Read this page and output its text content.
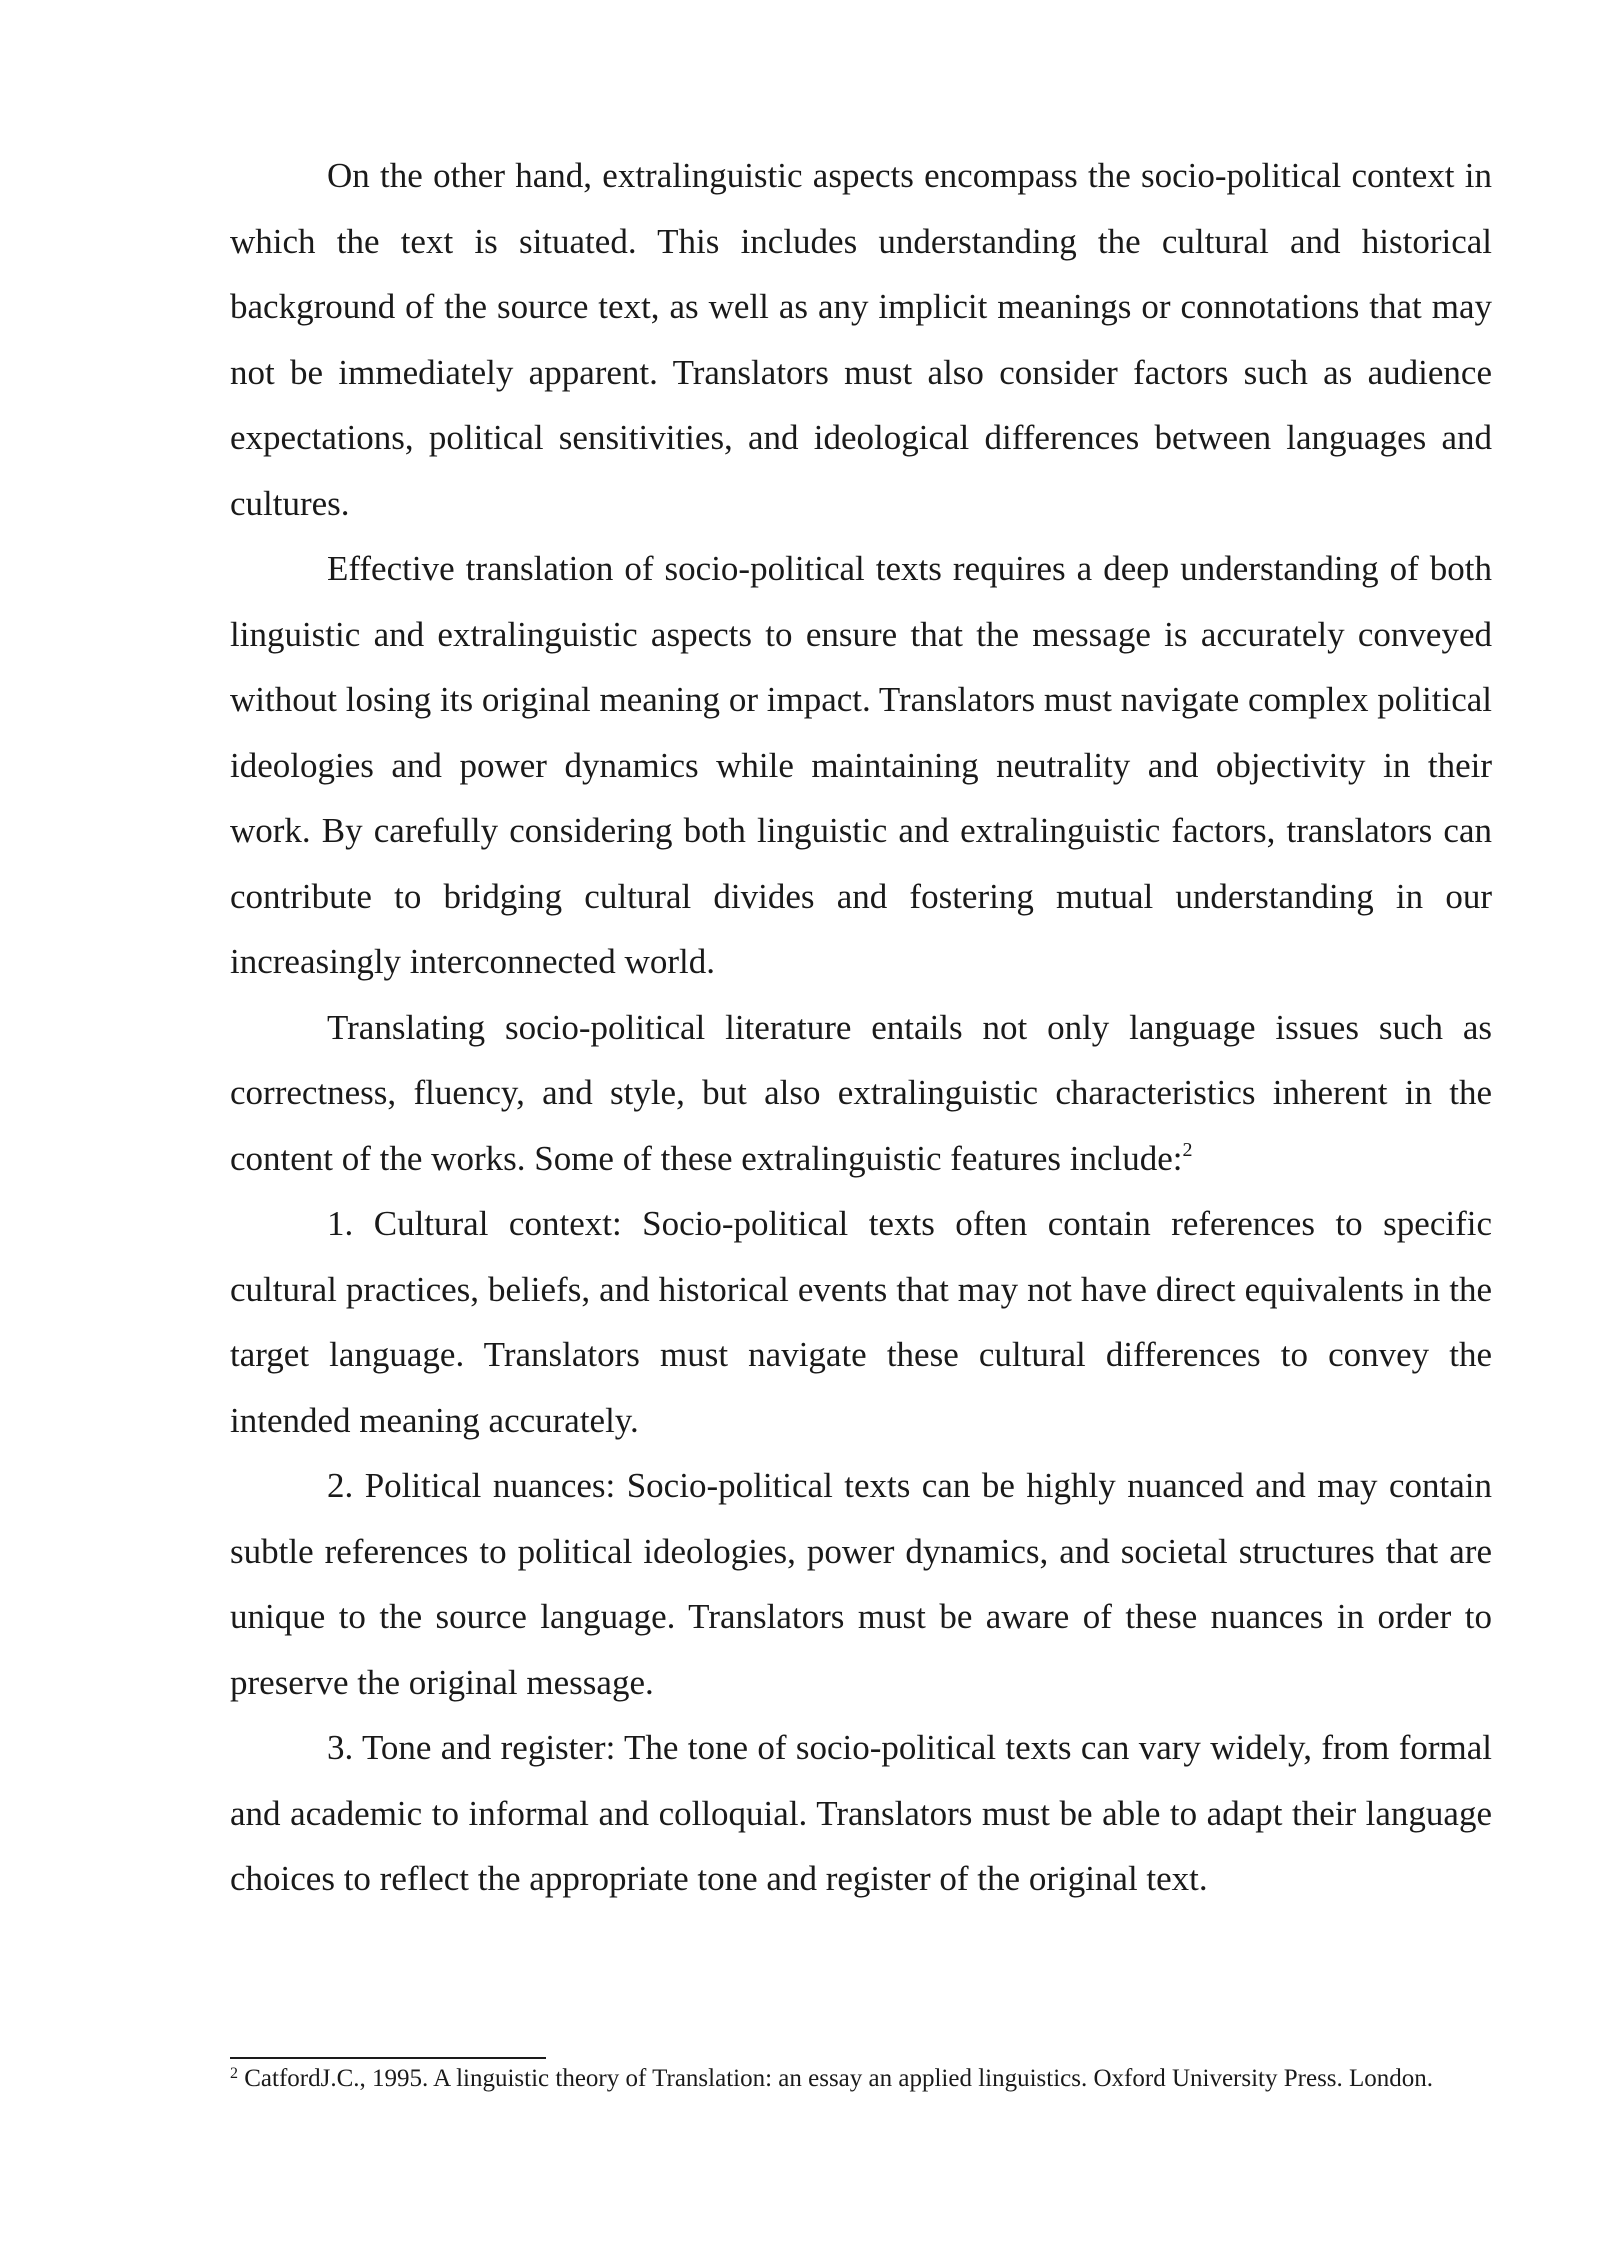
On the other hand, extralinguistic aspects encompass the socio-political context in which the text is situated. This includes understanding the cultural and historical background of the source text, as well as any implicit meanings or connotations that may not be immediately apparent. Translators must also consider factors such as audience expectations, political sensitivities, and ideological differences between languages and cultures.

Effective translation of socio-political texts requires a deep understanding of both linguistic and extralinguistic aspects to ensure that the message is accurately conveyed without losing its original meaning or impact. Translators must navigate complex political ideologies and power dynamics while maintaining neutrality and objectivity in their work. By carefully considering both linguistic and extralinguistic factors, translators can contribute to bridging cultural divides and fostering mutual understanding in our increasingly interconnected world.

Translating socio-political literature entails not only language issues such as correctness, fluency, and style, but also extralinguistic characteristics inherent in the content of the works. Some of these extralinguistic features include:$^2$

1. Cultural context: Socio-political texts often contain references to specific cultural practices, beliefs, and historical events that may not have direct equivalents in the target language. Translators must navigate these cultural differences to convey the intended meaning accurately.

2. Political nuances: Socio-political texts can be highly nuanced and may contain subtle references to political ideologies, power dynamics, and societal structures that are unique to the source language. Translators must be aware of these nuances in order to preserve the original message.

3. Tone and register: The tone of socio-political texts can vary widely, from formal and academic to informal and colloquial. Translators must be able to adapt their language choices to reflect the appropriate tone and register of the original text.

$^2$ CatfordJ.C., 1995. A linguistic theory of Translation: an essay an applied linguistics. Oxford University Press. London.
